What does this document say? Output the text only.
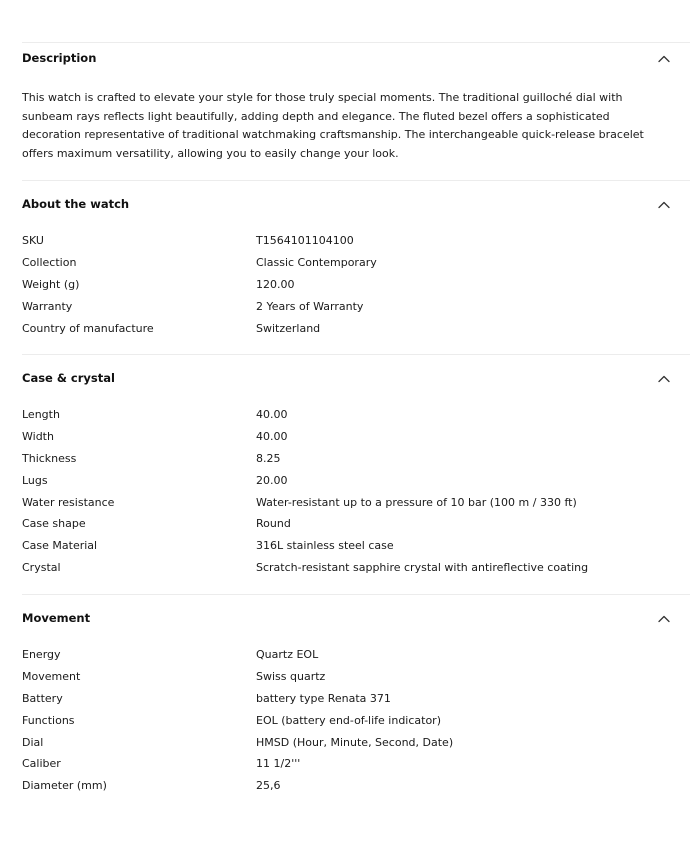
Description
This watch is crafted to elevate your style for those truly special moments. The traditional guilloché dial with sunbeam rays reflects light beautifully, adding depth and elegance. The fluted bezel offers a sophisticated decoration representative of traditional watchmaking craftsmanship. The interchangeable quick-release bracelet offers maximum versatility, allowing you to easily change your look.
About the watch
SKU	T1564101104100
Collection	Classic Contemporary
Weight (g)	120.00
Warranty	2 Years of Warranty
Country of manufacture	Switzerland
Case & crystal
Length	40.00
Width	40.00
Thickness	8.25
Lugs	20.00
Water resistance	Water-resistant up to a pressure of 10 bar (100 m / 330 ft)
Case shape	Round
Case Material	316L stainless steel case
Crystal	Scratch-resistant sapphire crystal with antireflective coating
Movement
Energy	Quartz EOL
Movement	Swiss quartz
Battery	battery type Renata 371
Functions	EOL (battery end-of-life indicator)
Dial	HMSD (Hour, Minute, Second, Date)
Caliber	11 1/2'''
Diameter (mm)	25,6
